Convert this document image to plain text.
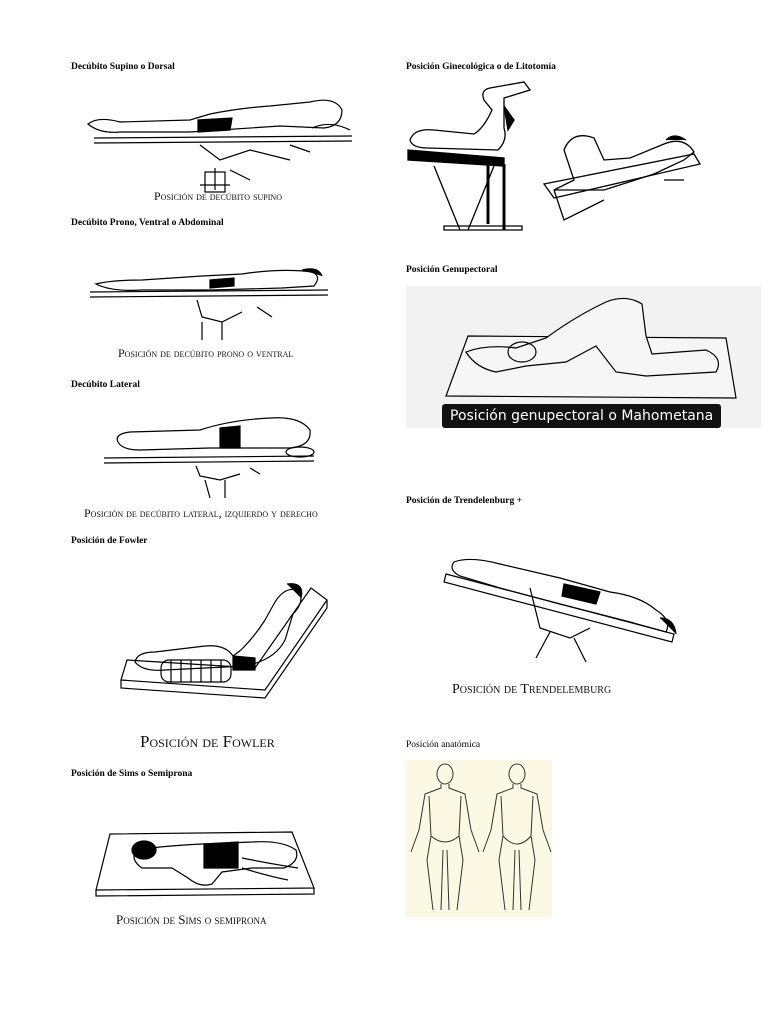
Decúbito Supino o Dorsal
Posición de decúbito supino
Decúbito Prono, Ventral o Abdominal
Posición de decúbito prono o ventral
Decúbito Lateral
Posición de decúbito lateral, izquierdo y derecho
Posición de Fowler
Posición de Fowler
Posición de Sims o Semiprona
Posición de Sims o semiprona
Posición Ginecológica o de Litotomía
Posición Genupectoral
Posición genupectoral o Mahometana
Posición de Trendelenburg +
Posición de Trendelemburg
Posición anatómica
